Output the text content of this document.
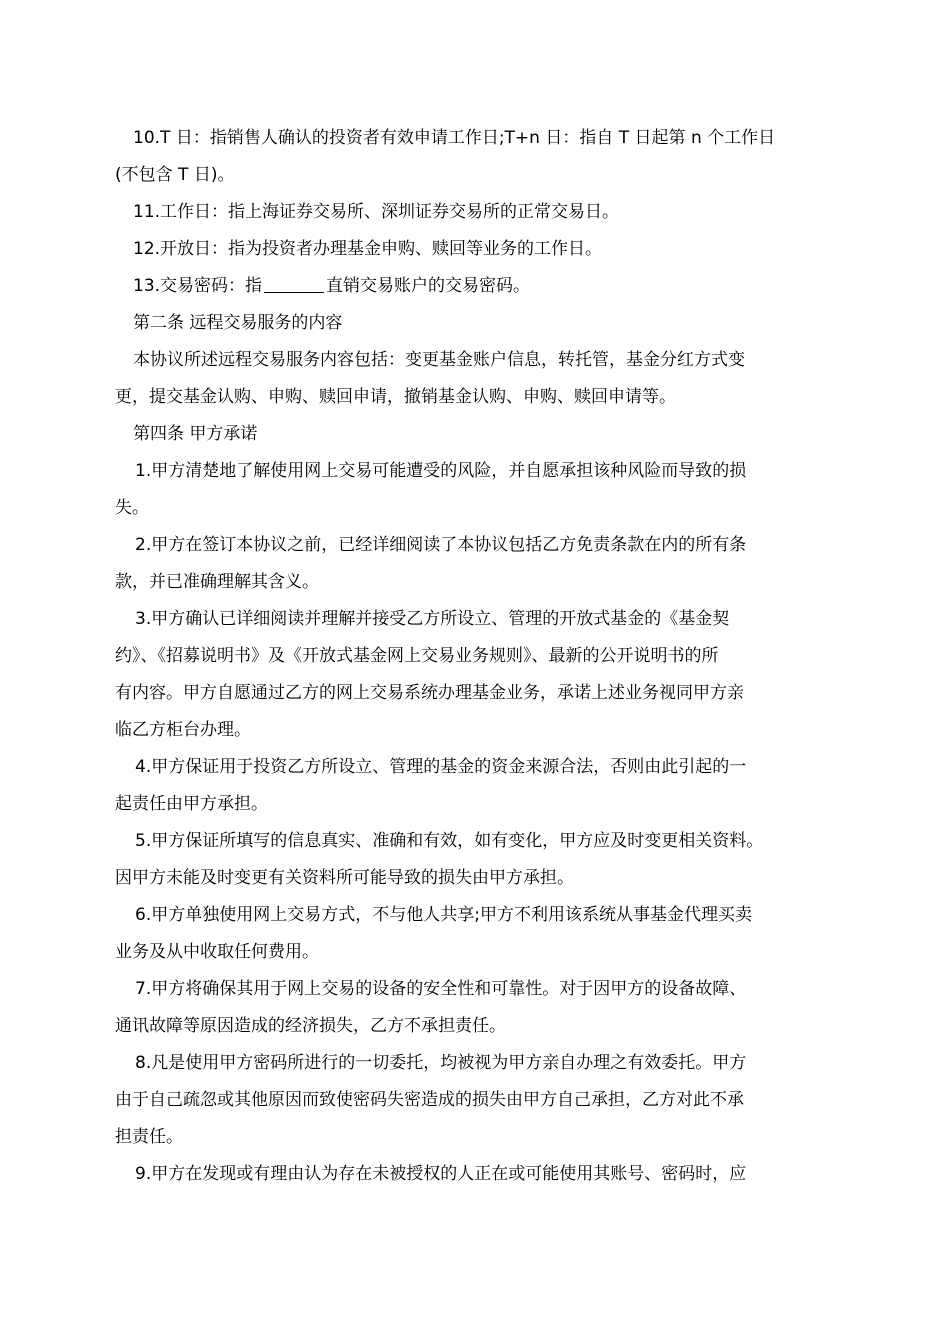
10.T 日：指销售人确认的投资者有效申请工作日;T+n 日：指自 T 日起第 n 个工作日
(不包含 T 日)。
11.工作日：指上海证券交易所、深圳证券交易所的正常交易日。
12.开放日：指为投资者办理基金申购、赎回等业务的工作日。
13.交易密码：指	直销交易账户的交易密码。
第二条 远程交易服务的内容
本协议所述远程交易服务内容包括：变更基金账户信息，转托管，基金分红方式变
更，提交基金认购、申购、赎回申请，撤销基金认购、申购、赎回申请等。
第四条 甲方承诺
1.甲方清楚地了解使用网上交易可能遭受的风险，并自愿承担该种风险而导致的损
失。
2.甲方在签订本协议之前，已经详细阅读了本协议包括乙方免责条款在内的所有条
款，并已准确理解其含义。
3.甲方确认已详细阅读并理解并接受乙方所设立、管理的开放式基金的《基金契
约》、《招募说明书》及《开放式基金网上交易业务规则》、最新的公开说明书的所
有内容。甲方自愿通过乙方的网上交易系统办理基金业务，承诺上述业务视同甲方亲
临乙方柜台办理。
4.甲方保证用于投资乙方所设立、管理的基金的资金来源合法，否则由此引起的一
起责任由甲方承担。
5.甲方保证所填写的信息真实、准确和有效，如有变化，甲方应及时变更相关资料。
因甲方未能及时变更有关资料所可能导致的损失由甲方承担。
6.甲方单独使用网上交易方式，不与他人共享;甲方不利用该系统从事基金代理买卖
业务及从中收取任何费用。
7.甲方将确保其用于网上交易的设备的安全性和可靠性。对于因甲方的设备故障、
通讯故障等原因造成的经济损失，乙方不承担责任。
8.凡是使用甲方密码所进行的一切委托，均被视为甲方亲自办理之有效委托。甲方
由于自己疏忽或其他原因而致使密码失密造成的损失由甲方自己承担，乙方对此不承
担责任。
9.甲方在发现或有理由认为存在未被授权的人正在或可能使用其账号、密码时，应
